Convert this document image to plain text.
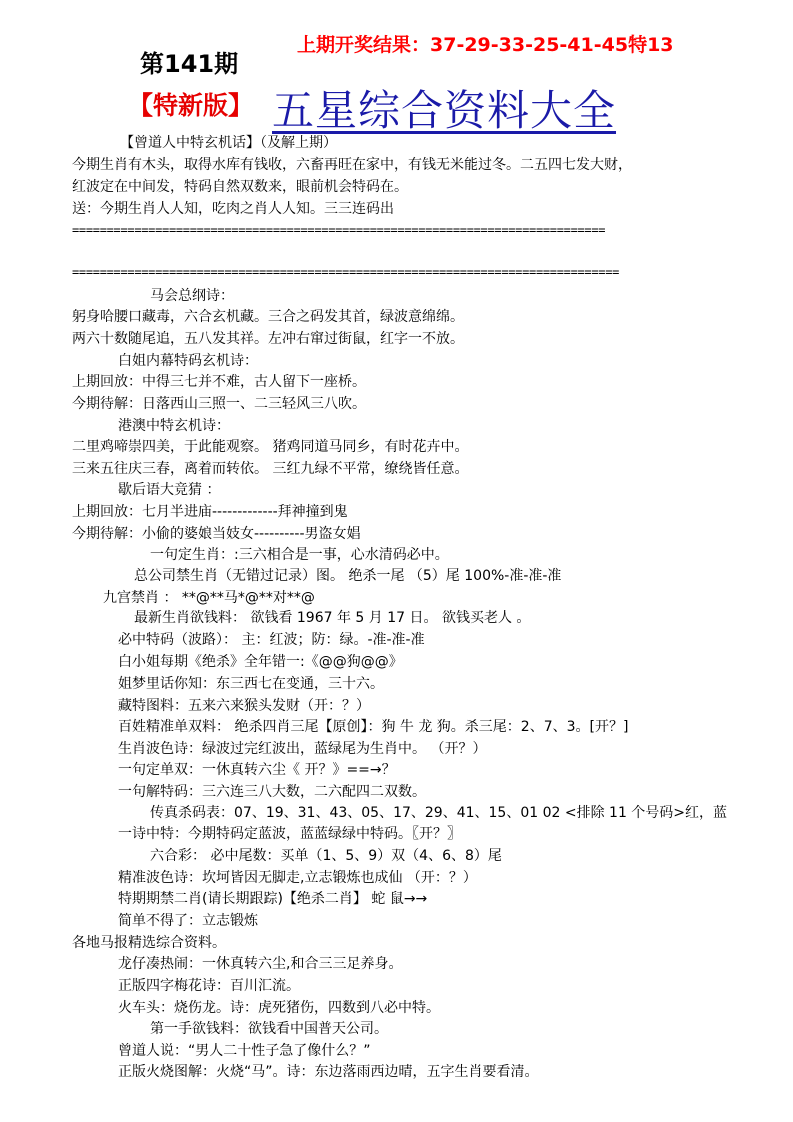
第141期
上期开奖结果：37-29-33-25-41-45特13
【特新版】 五星综合资料大全
【曾道人中特玄机话】（及解上期）
今期生肖有木头，取得水库有钱收，六畜再旺在家中，有钱无米能过冬。二五四七发大财，
红波定在中间发，特码自然双数来，眼前机会特码在。
送：今期生肖人人知，吃肉之肖人人知。三三连码出
=============================================================================
===============================================================================
马会总纲诗：
躬身哈腰口藏毒，六合玄机藏。三合之码发其首，绿波意绵绵。
两六十数随尾追，五八发其祥。左冲右窜过街鼠，红字一不放。
白姐内幕特码玄机诗：
上期回放：中得三七并不难，古人留下一座桥。
今期待解：日落西山三照一、二三轻风三八吹。
港澳中特玄机诗：
二里鸡啼崇四美，于此能观察。 猪鸡同道马同乡，有时花卉中。
三来五往庆三春，离着而转依。 三红九绿不平常，缭绕皆任意。
歇后语大竞猜 ：
上期回放：七月半进庙-------------拜神撞到鬼
今期待解：小偷的婆娘当妓女----------男盗女娼
一句定生肖：:三六相合是一事，心水清码必中。
总公司禁生肖（无错过记录）图。 绝杀一尾 （5）尾 100%-准-准-准
九宫禁肖 ： **@**马*@**对**@
最新生肖欲钱料： 欲钱看 1967 年 5 月 17 日。 欲钱买老人 。
必中特码（波路）： 主：红波；防：绿。-准-准-准
白小姐每期《绝杀》全年错一:《@@狗@@》
姐梦里话你知：东三西七在变通，三十六。
藏特图料：五来六来猴头发财（开：？）
百姓精准单双料： 绝杀四肖三尾【原创】：狗 牛 龙 狗。杀三尾：2、7、3。[开？]
生肖波色诗：绿波过完红波出，蓝绿尾为生肖中。 （开？）
一句定单双：一休真转六尘《 开？》==→？
一句解特码：三六连三八大数，二六配四二双数。
传真杀码表：07、19、31、43、05、17、29、41、15、01 02 <排除 11 个号码>红，蓝
一诗中特：今期特码定蓝波，蓝蓝绿绿中特码。〖开？〗
六合彩： 必中尾数：买单（1、5、9）双（4、6、8）尾
精准波色诗：坎坷皆因无脚走,立志锻炼也成仙 （开：？）
特期期禁二肖(请长期跟踪)【绝杀二肖】 蛇 鼠→→
简单不得了：立志锻炼
各地马报精选综合资料。
龙仔凑热闹：一休真转六尘,和合三三足养身。
正版四字梅花诗：百川汇流。
火车头：烧伤龙。诗：虎死猪伤，四数到八必中特。
第一手欲钱料：欲钱看中国普天公司。
曾道人说：“男人二十性子急了像什么？”
正版火烧图解：火烧“马”。诗：东边落雨西边晴，五字生肖要看清。
